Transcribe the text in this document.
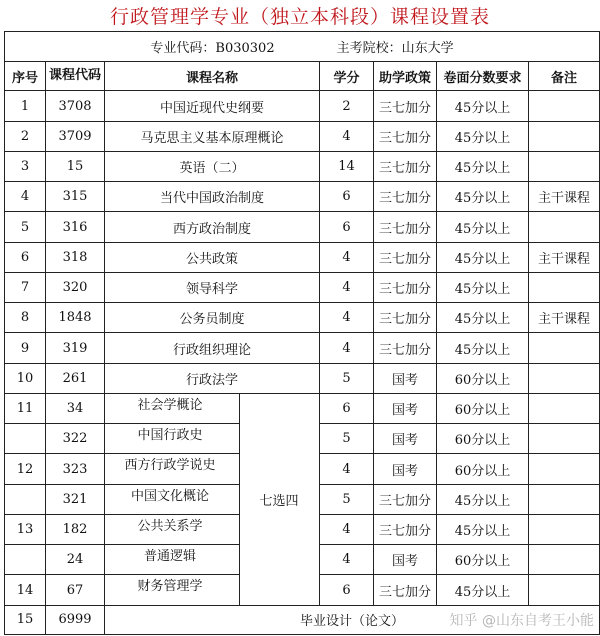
行政管理学专业（独立本科段）课程设置表
专业代码：B030302 主考院校：山东大学						

序号	课程代码	课程名称	学分	助学政策	卷面分数要求	备注
1	3708	中国近现代史纲要	2	三七加分	45分以上	
2	3709	马克思主义基本原理概论	4	三七加分	45分以上	
3	15	英语（二）	14	三七加分	45分以上	
4	315	当代中国政治制度	6	三七加分	45分以上	主干课程
5	316	西方政治制度	6	三七加分	45分以上	
6	318	公共政策	4	三七加分	45分以上	主干课程
7	320	领导科学	4	三七加分	45分以上	
8	1848	公务员制度	4	三七加分	45分以上	主干课程
9	319	行政组织理论	4	三七加分	45分以上	
10	261	行政法学	5	国考	60分以上	
11	34	社会学概论	6	国考	60分以上	
	322	中国行政史	5	国考	60分以上	
12	323	西方行政学说史	4	国考	60分以上	
	321	中国文化概论	5	三七加分	45分以上	
13	182	公共关系学	4	三七加分	45分以上	
	24	普通逻辑	4	国考	60分以上	
14	67	财务管理学	6	三七加分	45分以上	
15	6999	毕业设计（论文）					知乎 @山东自考王小能
七选四
